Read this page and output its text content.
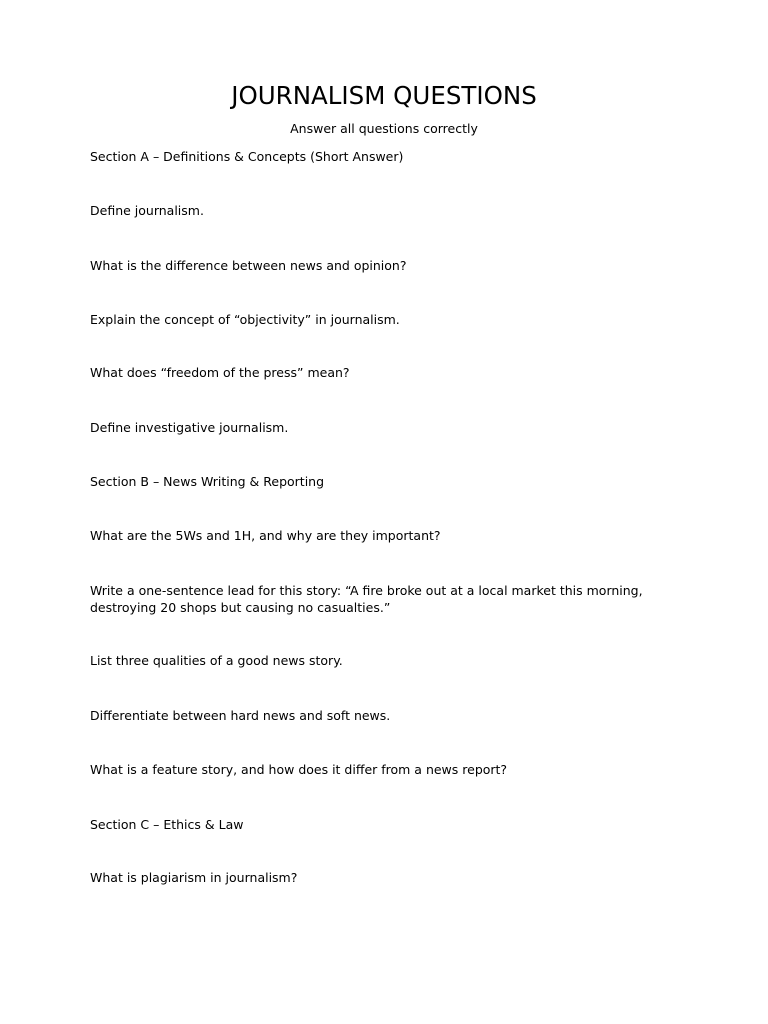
JOURNALISM QUESTIONS

Answer all questions correctly

Section A – Definitions & Concepts (Short Answer)

Define journalism.

What is the difference between news and opinion?

Explain the concept of “objectivity” in journalism.

What does “freedom of the press” mean?

Define investigative journalism.

Section B – News Writing & Reporting

What are the 5Ws and 1H, and why are they important?

Write a one-sentence lead for this story: “A fire broke out at a local market this morning, destroying 20 shops but causing no casualties.”

List three qualities of a good news story.

Differentiate between hard news and soft news.

What is a feature story, and how does it differ from a news report?

Section C – Ethics & Law

What is plagiarism in journalism?
